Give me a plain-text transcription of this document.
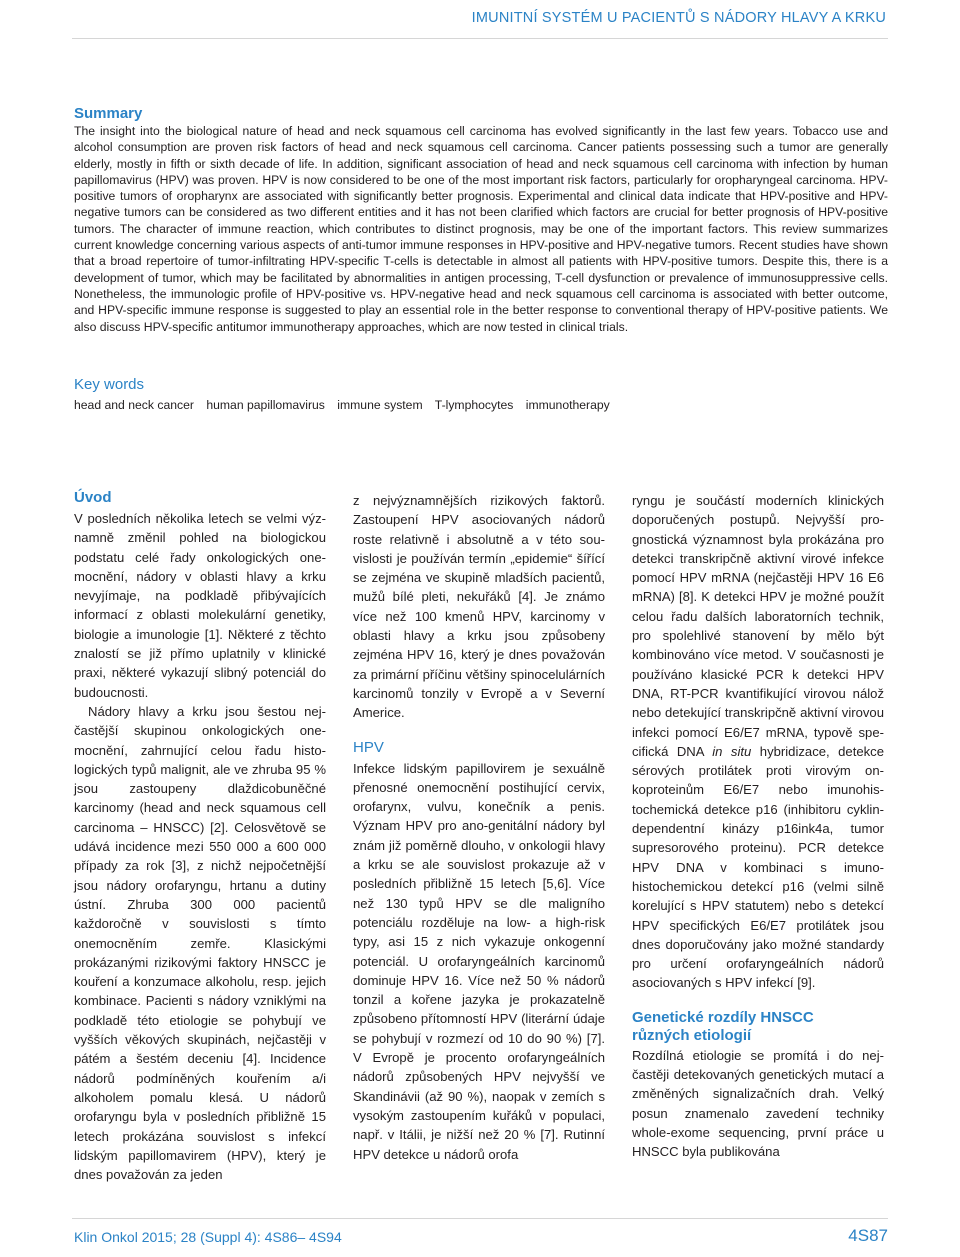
IMUNITNÍ SYSTÉM U PACIENTŮ S NÁDORY HLAVY A KRKU
Summary

The insight into the biological nature of head and neck squamous cell carcinoma has evolved significantly in the last few years. Tobacco use and alcohol consumption are proven risk factors of head and neck squamous cell carcinoma. Cancer patients possessing such a tumor are generally elderly, mostly in fifth or sixth decade of life. In addition, significant association of head and neck squamous cell carcinoma with infection by human papillomavirus (HPV) was proven. HPV is now considered to be one of the most important risk factors, particularly for oropharyngeal carcinoma. HPV-positive tumors of oropharynx are associated with significantly better prognosis. Experimental and clinical data indicate that HPV-positive and HPV-negative tumors can be considered as two different entities and it has not been clarified which factors are crucial for better prognosis of HPV-positive tumors. The character of immune reaction, which contributes to distinct prognosis, may be one of the important factors. This review summarizes current knowledge concerning various aspects of anti-tumor immune responses in HPV-positive and HPV-negative tumors. Recent studies have shown that a broad repertoire of tumor-infiltrating HPV-specific T-cells is detectable in almost all patients with HPV-positive tumors. Despite this, there is a development of tumor, which may be facilitated by abnormalities in antigen processing, T-cell dysfunction or prevalence of immunosuppressive cells. Nonetheless, the immunologic profile of HPV-positive vs. HPV-negative head and neck squamous cell carcinoma is associated with better outcome, and HPV-specific immune response is suggested to play an essential role in the better response to conventional therapy of HPV-positive patients. We also discuss HPV-specific antitumor immunotherapy approaches, which are now tested in clinical trials.

Key words
head and neck cancer human papillomavirus immune system T-lymphocytes immunotherapy
Úvod

V posledních několika letech se velmi významně změnil pohled na biologickou podstatu celé řady onkologických onemocnění, nádory v oblasti hlavy a krku nevyjímaje, na podkladě přibývajících informací z oblasti molekulární genetiky, biologie a imunologie [1]. Některé z těchto znalostí se již přímo uplatnily v klinické praxi, některé vykazují slibný potenciál do budoucnosti.

Nádory hlavy a krku jsou šestou nejčastější skupinou onkologických onemocnění, zahrnující celou řadu histologických typů malignit, ale ve zhruba 95 % jsou zastoupeny dlaždicobuněčné karcinomy (head and neck squamous cell carcinoma – HNSCC) [2]. Celosvětově se udává incidence mezi 550 000 a 600 000 případy za rok [3], z nichž nejpočetnější jsou nádory orofaryngu, hrtanu a dutiny ústní. Zhruba 300 000 pacientů každoročně v souvislosti s tímto onemocněním zemře. Klasickými prokázanými rizikovými faktory HNSCC je kouření a konzumace alkoholu, resp. jejich kombinace. Pacienti s nádory vzniklými na podkladě této etiologie se pohybují ve vyšších věkových skupinách, nejčastěji v pátém a šestém deceniu [4]. Incidence nádorů podmíněných kouřením a/i alkoholem pomalu klesá. U nádorů orofaryngu byla v posledních přibližně 15 letech prokázána souvislost s infekcí lidským papillomavirem (HPV), který je dnes považován za jeden

z nejvýznamnějších rizikových faktorů. Zastoupení HPV asociovaných nádorů roste relativně i absolutně a v této souvislosti je používán termín „epidemie“ šířící se zejména ve skupině mladších pacientů, mužů bílé pleti, nekuřáků [4]. Je známo více než 100 kmenů HPV, karcinomy v oblasti hlavy a krku jsou způsobeny zejména HPV 16, který je dnes považován za primární příčinu většiny spinocelulárních karcinomů tonzily v Evropě a v Severní Americe.

HPV

Infekce lidským papillovirem je sexuálně přenosné onemocnění postihující cervix, orofarynx, vulvu, konečník a penis. Význam HPV pro ano-genitální nádory byl znám již poměrně dlouho, v onkologii hlavy a krku se ale souvislost prokazuje až v posledních přibližně 15 letech [5,6]. Více než 130 typů HPV se dle maligního potenciálu rozděluje na low- a high-risk typy, asi 15 z nich vykazuje onkogenní potenciál. U orofaryngeálních karcinomů dominuje HPV 16. Více než 50 % nádorů tonzil a kořene jazyka je prokazatelně způsobeno přítomností HPV (literární údaje se pohybují v rozmezí od 10 do 90 %) [7]. V Evropě je procento orofaryngeálních nádorů způsobených HPV nejvyšší ve Skandinávii (až 90 %), naopak v zemích s vysokým zastoupením kuřáků v populaci, např. v Itálii, je nižší než 20 % [7]. Rutinní HPV detekce u nádorů orofa

ryngu je součástí moderních klinických doporučených postupů. Nejvyšší prognostická významnost byla prokázána pro detekci transkripčně aktivní virové infekce pomocí HPV mRNA (nejčastěji HPV 16 E6 mRNA) [8]. K detekci HPV je možné použít celou řadu dalších laboratorních technik, pro spolehlivé stanovení by mělo být kombinováno více metod. V současnosti je používáno klasické PCR k detekci HPV DNA, RT-PCR kvantifikující virovou nálož nebo detekující transkripčně aktivní virovou infekci pomocí E6/E7 mRNA, typově specifická DNA in situ hybridizace, detekce sérových protilátek proti virovým onkoproteinům E6/E7 nebo imunohistochemická detekce p16 (inhibitoru cyklin-dependentní kinázy p16ink4a, tumor supresorového proteinu). PCR detekce HPV DNA v kombinaci s imunohistochemickou detekcí p16 (velmi silně korelující s HPV statutem) nebo s detekcí HPV specifických E6/E7 protilátek jsou dnes doporučovány jako možné standardy pro určení orofaryngeálních nádorů asociovaných s HPV infekcí [9].

Genetické rozdíly HNSCC
různých etiologií

Rozdílná etiologie se promítá i do nejčastěji detekovaných genetických mutací a změněných signalizačních drah. Velký posun znamenalo zavedení techniky whole-exome sequencing, první práce u HNSCC byla publikována

Klin Onkol 2015; 28 (Suppl 4): 4S86– 4S94	4S87
